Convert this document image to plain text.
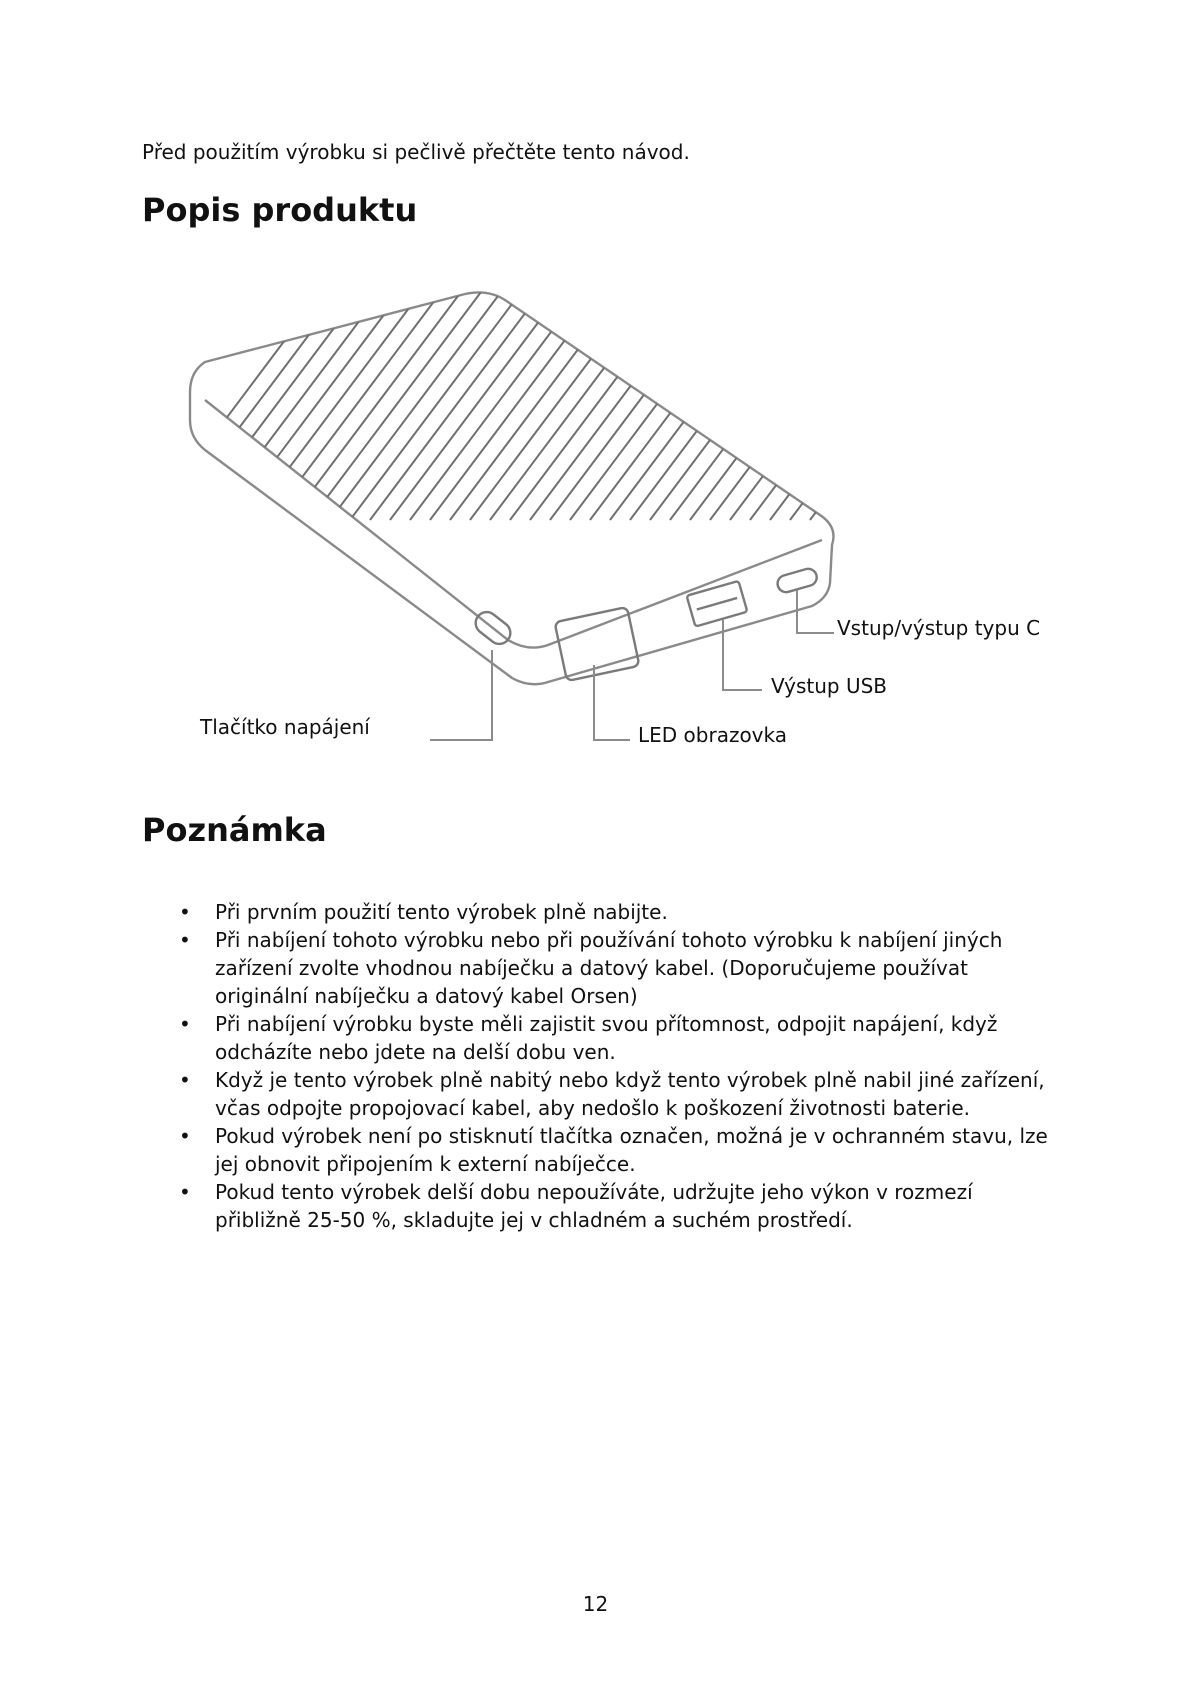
Před použitím výrobku si pečlivě přečtěte tento návod.

Popis produktu

Vstup/výstup typu C

Výstup USB

Tlačítko napájení	LED obrazovka

Poznámka
• Při prvním použití tento výrobek plně nabijte.
• Při nabíjení tohoto výrobku nebo při používání tohoto výrobku k nabíjení jiných zařízení zvolte vhodnou nabíječku a datový kabel. (Doporučujeme používat originální nabíječku a datový kabel Orsen)
• Při nabíjení výrobku byste měli zajistit svou přítomnost, odpojit napájení, když odcházíte nebo jdete na delší dobu ven.
• Když je tento výrobek plně nabitý nebo když tento výrobek plně nabil jiné zařízení, včas odpojte propojovací kabel, aby nedošlo k poškození životnosti baterie.
• Pokud výrobek není po stisknutí tlačítka označen, možná je v ochranném stavu, lze jej obnovit připojením k externí nabíječce.
• Pokud tento výrobek delší dobu nepoužíváte, udržujte jeho výkon v rozmezí přibližně 25-50 %, skladujte jej v chladném a suchém prostředí.

12
